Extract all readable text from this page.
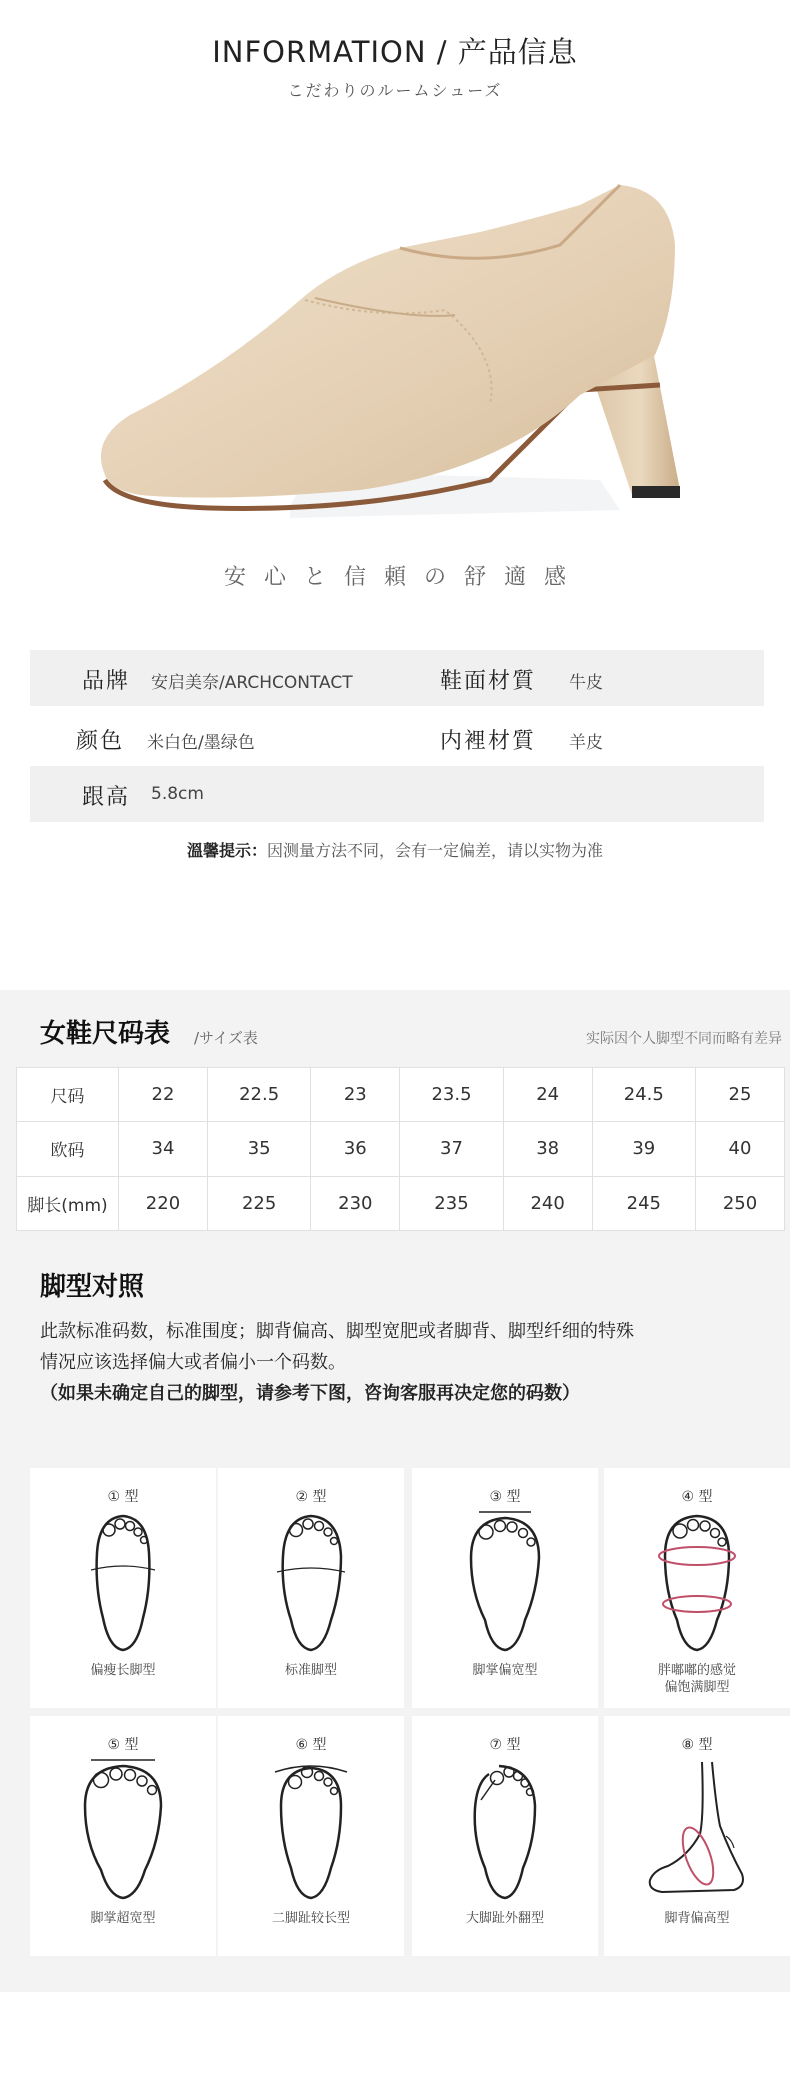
INFORMATION / 产品信息
こだわりのルームシューズ
安心と信頼の舒適感
品牌 安启美奈/ARCHCONTACT	鞋面材質 牛皮
颜色 米白色/墨绿色	内裡材質 羊皮
跟高 5.8cm
溫馨提示：因测量方法不同，会有一定偏差，请以实物为准
女鞋尺码表 /サイズ表	实际因个人脚型不同而略有差异
尺码	22	22.5	23	23.5	24	24.5	25
欧码	34	35	36	37	38	39	40
脚长(mm)	220	225	230	235	240	245	250
脚型对照
此款标准码数，标准围度；脚背偏高、脚型宽肥或者脚背、脚型纤细的特殊
情况应该选择偏大或者偏小一个码数。
（如果未确定自己的脚型，请参考下图，咨询客服再决定您的码数）
① 型
偏瘦长脚型
② 型
标准脚型
③ 型
脚掌偏宽型
④ 型
胖嘟嘟的感觉
偏饱满脚型
⑤ 型
脚掌超宽型
⑥ 型
二脚趾较长型
⑦ 型
大脚趾外翻型
⑧ 型
脚背偏高型
